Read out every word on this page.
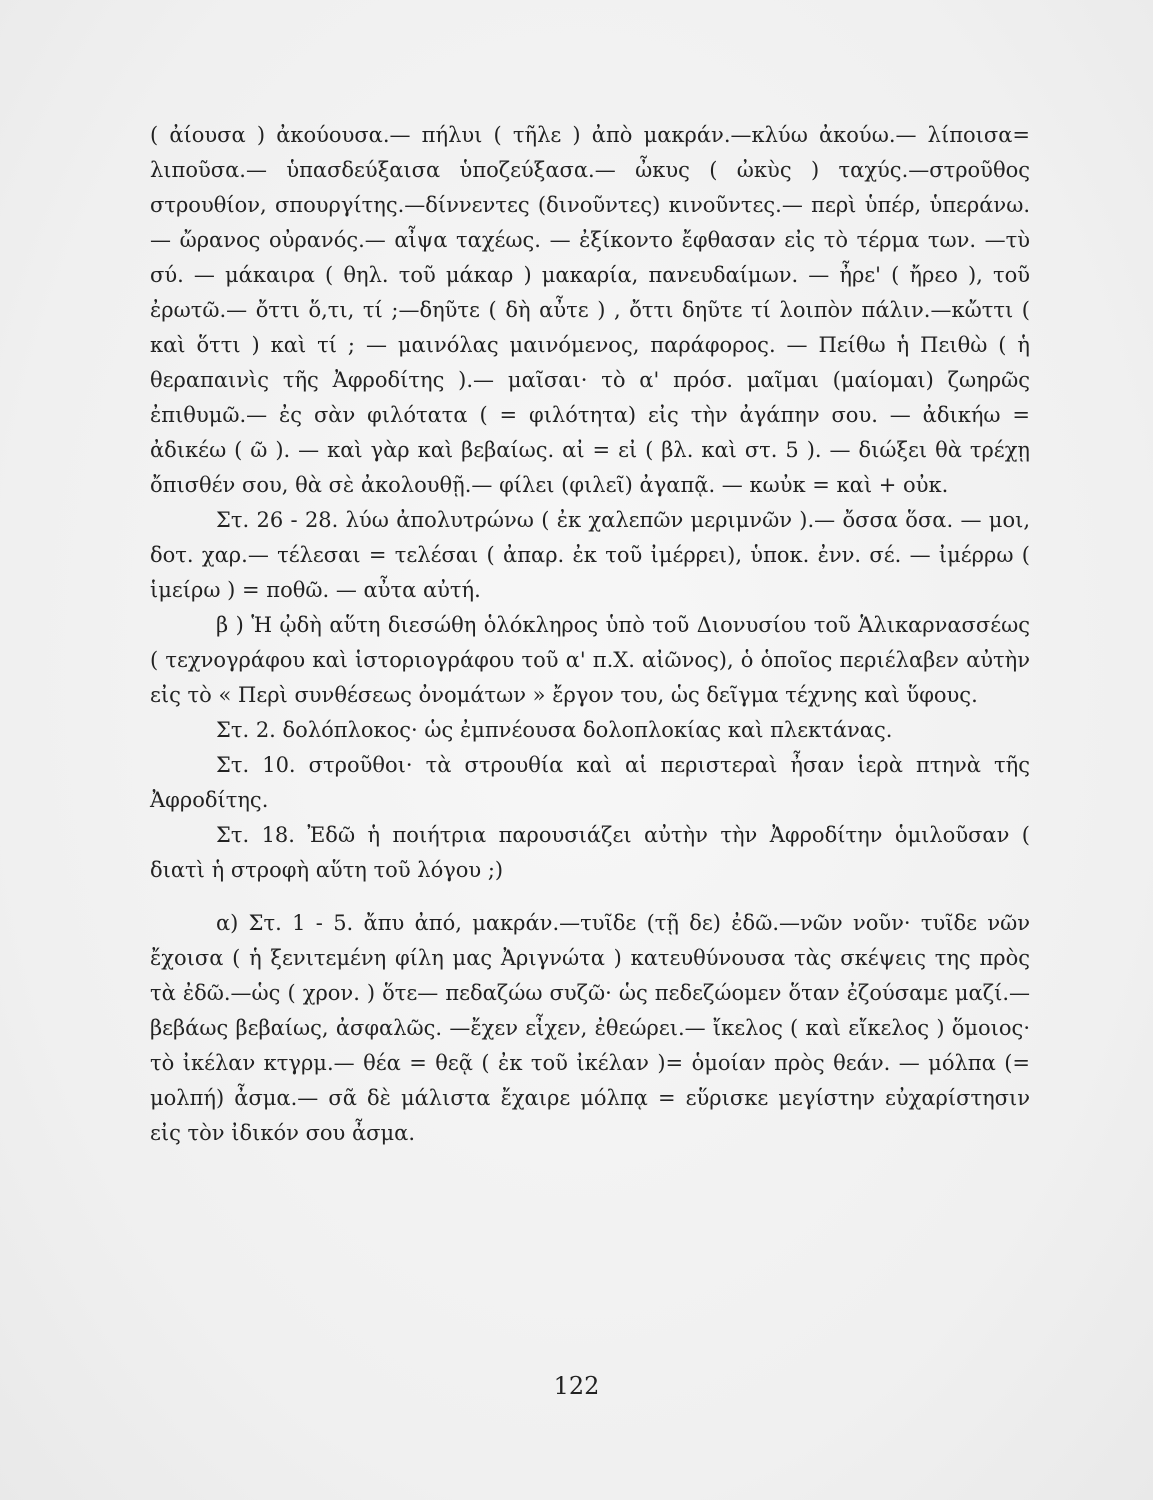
( ἀίουσα ) ἀκούουσα.— πήλυι ( τῆλε ) ἀπὸ μακράν.—κλύω ἀκούω.— λίποισα= λιποῦσα.— ὑπασδεύξαισα ὑποζεύξασα.— ὦκυς ( ὠκὺς ) ταχύς.—στροῦθος στρουθίον, σπουργίτης.—δίννεντες (δινοῦντες) κινοῦντες.— περὶ ὑπέρ, ὑπεράνω. — ὤρανος οὐρανός.— αἶψα ταχέως. — ἐξίκοντο ἔφθασαν εἰς τὸ τέρμα των. —τὺ σύ. — μάκαιρα ( θηλ. τοῦ μάκαρ ) μακαρία, πανευδαίμων. — ἦρε' ( ἤρεο ), τοῦ ἐρωτῶ.— ὄττι ὅ,τι, τί ;—δηῦτε ( δὴ αὖτε ) , ὄττι δηῦτε τί λοιπὸν πάλιν.—κὤττι ( καὶ ὅττι ) καὶ τί ; — μαινόλας μαινόμενος, παράφορος. — Πείθω ἡ Πειθὼ ( ἡ θεραπαινὶς τῆς Ἀφροδίτης ).— μαῖσαι· τὸ α' πρόσ. μαῖμαι (μαίομαι) ζωηρῶς ἐπιθυμῶ.— ἐς σὰν φιλότατα ( = φιλότητα) εἰς τὴν ἀγάπην σου. — ἀδικήω = ἀδικέω ( ῶ ). — καὶ γὰρ καὶ βεβαίως. αἰ = εἰ ( βλ. καὶ στ. 5 ). — διώξει θὰ τρέχῃ ὄπισθέν σου, θὰ σὲ ἀκολουθῇ.— φίλει (φιλεῖ) ἀγαπᾷ. — κωὐκ = καὶ + οὐκ.

Στ. 26 - 28. λύω ἀπολυτρώνω ( ἐκ χαλεπῶν μεριμνῶν ).— ὄσσα ὅσα. — μοι, δοτ. χαρ.— τέλεσαι = τελέσαι ( ἀπαρ. ἐκ τοῦ ἰμέρρει), ὑποκ. ἐνν. σέ. — ἰμέρρω ( ἱμείρω ) = ποθῶ. — αὖτα αὐτή.

β ) Ἡ ᾠδὴ αὕτη διεσώθη ὁλόκληρος ὑπὸ τοῦ Διονυσίου τοῦ Ἁλικαρνασσέως ( τεχνογράφου καὶ ἱστοριογράφου τοῦ α' π.Χ. αἰῶνος), ὁ ὁποῖος περιέλαβεν αὐτὴν εἰς τὸ « Περὶ συνθέσεως ὀνομάτων » ἔργον του, ὡς δεῖγμα τέχνης καὶ ὕφους.

Στ. 2. δολόπλοκος· ὡς ἐμπνέουσα δολοπλοκίας καὶ πλεκτάνας.

Στ. 10. στροῦθοι· τὰ στρουθία καὶ αἱ περιστεραὶ ἦσαν ἱερὰ πτηνὰ τῆς Ἀφροδίτης.

Στ. 18. Ἐδῶ ἡ ποιήτρια παρουσιάζει αὐτὴν τὴν Ἀφροδίτην ὁμιλοῦσαν ( διατὶ ἡ στροφὴ αὕτη τοῦ λόγου ;)

α) Στ. 1 - 5. ἄπυ ἀπό, μακράν.—τυῖδε (τῇ δε) ἐδῶ.—νῶν νοῦν· τυῖδε νῶν ἔχοισα ( ἡ ξενιτεμένη φίλη μας Ἀριγνώτα ) κατευθύνουσα τὰς σκέψεις της πρὸς τὰ ἐδῶ.—ὡς ( χρον. ) ὅτε— πεδαζώω συζῶ· ὡς πεδεζώομεν ὅταν ἐζούσαμε μαζί.— βεβάως βεβαίως, ἀσφαλῶς. —ἔχεν εἶχεν, ἐθεώρει.— ἴκελος ( καὶ εἴκελος ) ὅμοιος· τὸ ἰκέλαν κτγρμ.— θέα = θεᾷ ( ἐκ τοῦ ἰκέλαν )= ὁμοίαν πρὸς θεάν. — μόλπα (= μολπή) ἆσμα.— σᾶ δὲ μάλιστα ἔχαιρε μόλπᾳ = εὕρισκε μεγίστην εὐχαρίστησιν εἰς τὸν ἰδικόν σου ἆσμα.

122
